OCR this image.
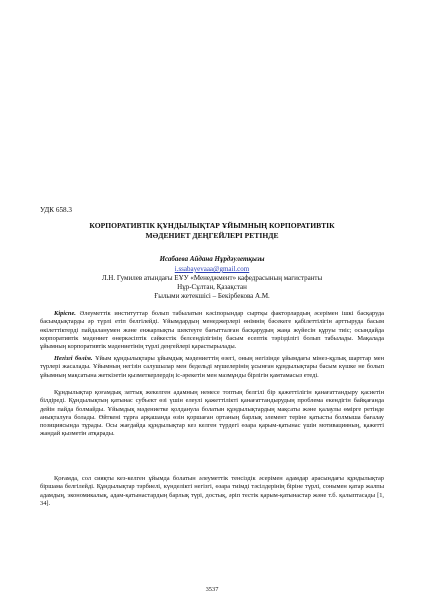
УДК 658.3
КОРПОРАТИВТІК ҚҰНДЫЛЫҚТАР ҰЙЫМНЫҢ КОРПОРАТИВТІК
МӘДЕНИЕТ ДЕҢГЕЙЛЕРІ РЕТІНДЕ
Исабаева Айдана Нұрдәулетқызы
i.ssabayevaaa@gmail.com
Л.Н. Гумилев атындағы ЕҰУ «Менеджмент» кафедрасының магистранты
Нұр-Сұлтан, Қазақстан
Ғылыми жетекшісі – Бекірбекова А.М.

Кіріспе. Әлеуметтік институттар болып табылатын кәсіпорындар сыртқы факторлардың әсерімен ішкі басқаруда басымдықтарды әр түрлі етіп белгілейді. Ұйымдардың менеджерлері өнімнің бәсекеге қабілеттілігін арттыруда басым өкілеттіктерді пайдаланумен және енжарлықты шектеуге бағытталған басқарудың жаңа жүйесін құруы тиіс; осындайда корпоративтік мәдениет өнеркәсіптік сәйкестік белсенділігінің басым есептік тәрізділігі болып табылады. Мақалада ұйымның корпоративтік мәдениетінің түрлі деңгейлері қарастырылады.

Негізгі бөлім. Ұйым құндылықтары ұйымдық мәдениеттің өзегі, оның негізінде ұйымдағы мінез-құлық шарттар мен түрлері жасалады. Ұйымның негізін салушылар мен бедельді мүшелерінің ұсынған құндылықтары басым күшке не болып ұйымның мақсатына жеткізетін қызметкерлердің іс-әрекетін мен мазмұнды бірлігін қамтамасыз етеді.

Құндылықтар қоғамдық заттық жекелген адамның немесе топтың белгілі бір қажеттілігін қанағаттандыру қасиетін білдіреді. Құндылықтың қатынас субъект өзі үшін елеулі қажеттілікті қанағаттандырудың проблема екендігін байқағанда дейін пайда болмайды. Ұйымдық мәдениетке қолданула болатын құндылықтардың мақсаты және қалаулы өмірге ретінде анықталуға болады. Өйткені тұрға арқашанда өзін қоршаған ортаның барлық элемент терінe қатысты болмыша бағалау позициясында тұрады. Осы жағдайда құндылықтар кез келген түрдегі өзара қарым-қатынас үшін мотивацияның, қажетті жандай қызметін атқарады.

Қоғамда, сол сияқты кез-келген ұйымда болатын әлеуметтік тенсіздік әсерімен адамдар арасындағы құндылықтар біршама белгілейді. Құндылықтар тәрбиелі, күнделікті негізгі, өзара тиімді тәсілдерінің біріне түрлі, сонымен қатар жалпы адамдың, экономикалық, адам-қатынастардың барлық түрі, достық, әріп тестік қарым-қатынастар және т.б. қалыптасады [1, 34].

3537
